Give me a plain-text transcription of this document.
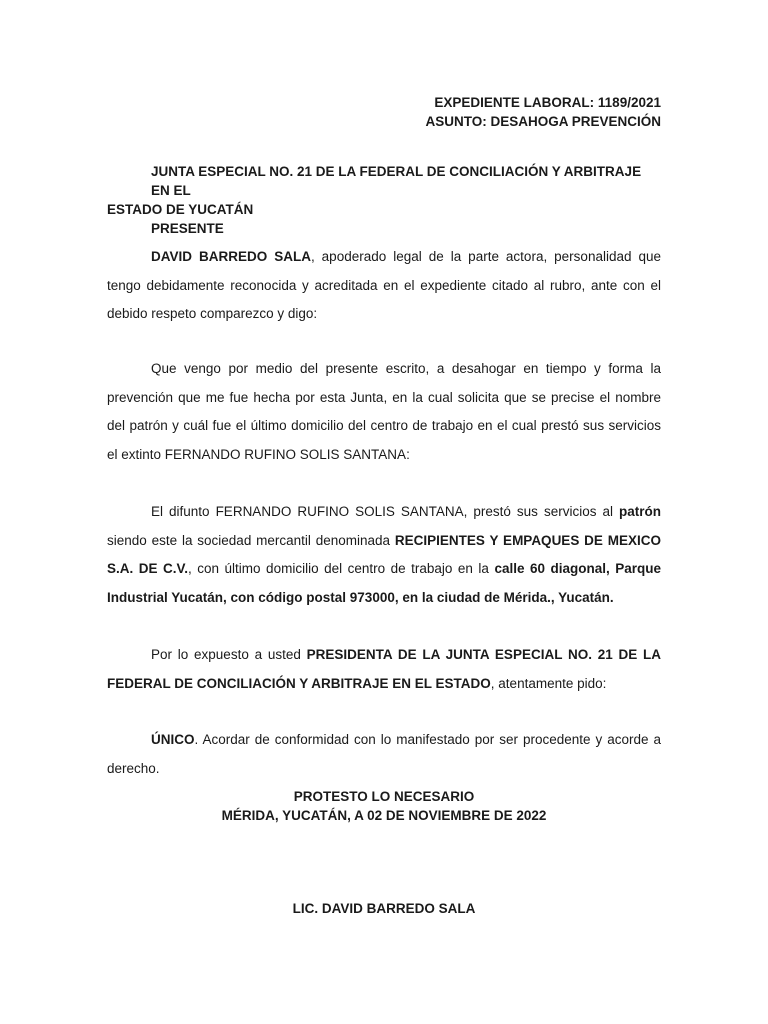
EXPEDIENTE LABORAL: 1189/2021
ASUNTO: DESAHOGA PREVENCIÓN
JUNTA ESPECIAL NO. 21 DE LA FEDERAL DE CONCILIACIÓN Y ARBITRAJE EN EL
ESTADO DE YUCATÁN
PRESENTE
DAVID BARREDO SALA, apoderado legal de la parte actora, personalidad que tengo debidamente reconocida y acreditada en el expediente citado al rubro, ante con el debido respeto comparezco y digo:
Que vengo por medio del presente escrito, a desahogar en tiempo y forma la prevención que me fue hecha por esta Junta, en la cual solicita que se precise el nombre del patrón y cuál fue el último domicilio del centro de trabajo en el cual prestó sus servicios el extinto FERNANDO RUFINO SOLIS SANTANA:
El difunto FERNANDO RUFINO SOLIS SANTANA, prestó sus servicios al patrón siendo este la sociedad mercantil denominada RECIPIENTES Y EMPAQUES DE MEXICO S.A. DE C.V., con último domicilio del centro de trabajo en la calle 60 diagonal, Parque Industrial Yucatán, con código postal 973000, en la ciudad de Mérida., Yucatán.
Por lo expuesto a usted PRESIDENTA DE LA JUNTA ESPECIAL NO. 21 DE LA FEDERAL DE CONCILIACIÓN Y ARBITRAJE EN EL ESTADO, atentamente pido:
ÚNICO. Acordar de conformidad con lo manifestado por ser procedente y acorde a derecho.
PROTESTO LO NECESARIO
MÉRIDA, YUCATÁN, A 02 DE NOVIEMBRE DE 2022
LIC. DAVID BARREDO SALA
